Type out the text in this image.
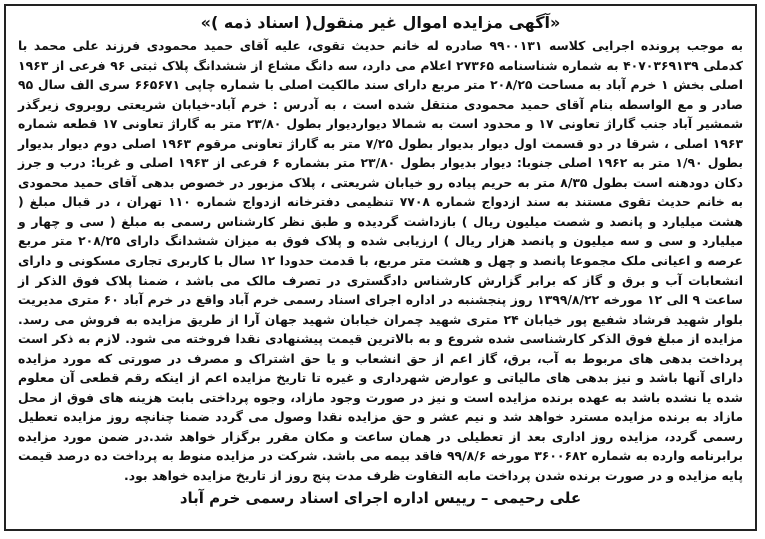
«آگهی مزایده اموال غیر منقول( اسناد ذمه )»

به موجب پرونده اجرایی کلاسه ۹۹۰۰۱۳۱ صادره له خانم حدیث تقوی، علیه آقای حمید محمودی فرزند علی محمد با کدملی ۴۰۷۰۳۶۹۱۳۹ به شماره شناسنامه ۲۷۳۶۵ اعلام می دارد، سه دانگ مشاع از ششدانگ پلاک ثبتی ۹۶ فرعی از ۱۹۶۳ اصلی بخش ۱ خرم آباد به مساحت ۲۰۸/۲۵ متر مربع دارای سند مالکیت اصلی با شماره چاپی ۶۶۵۶۷۱ سری الف سال ۹۵ صادر و مع الواسطه بنام آقای حمید محمودی منتقل شده است ، به آدرس : خرم آباد-خیابان شریعتی روبروی زیرگذر شمشیر آباد جنب گاراژ تعاونی ۱۷ و محدود است به شمالا دیواردیوار بطول ۲۳/۸۰ متر به گاراژ تعاونی ۱۷ قطعه شماره ۱۹۶۳ اصلی ، شرقا در دو قسمت اول دیوار بدیوار بطول ۷/۲۵ متر به گاراژ تعاونی مرقوم ۱۹۶۳ اصلی دوم دیوار بدیوار بطول ۱/۹۰ متر به ۱۹۶۲ اصلی جنوبا: دیوار بدیوار بطول ۲۳/۸۰ متر بشماره ۶ فرعی از ۱۹۶۳ اصلی و غربا: درب و جرز دکان دودهنه است بطول ۸/۳۵ متر به حریم پیاده رو خیابان شریعتی ، پلاک مزبور در خصوص بدهی آقای حمید محمودی به خانم حدیث تقوی مستند به سند ازدواج شماره ۷۷۰۸ تنظیمی دفترخانه ازدواج شماره ۱۱۰ تهران ، در قبال مبلغ ( هشت میلیارد و پانصد و شصت میلیون ریال ) بازداشت گردیده و طبق نظر کارشناس رسمی به مبلغ ( سی و چهار و میلیارد و سی و سه میلیون و پانصد هزار ریال ) ارزیابی شده و پلاک فوق به میزان ششدانگ دارای ۲۰۸/۲۵ متر مربع عرصه و اعیانی ملک مجموعا پانصد و چهل و هشت متر مربع، با قدمت حدودا ۱۲ سال با کاربری تجاری مسکونی و دارای انشعابات آب و برق و گاز که برابر گزارش کارشناس دادگستری در تصرف مالک می باشد ، ضمنا پلاک فوق الذکر از ساعت ۹ الی ۱۲ مورخه ۱۳۹۹/۸/۲۲ روز پنجشنبه در اداره اجرای اسناد رسمی خرم آباد واقع در خرم آباد ۶۰ متری مدیریت بلوار شهید فرشاد شفیع پور خیابان ۲۴ متری شهید چمران خیابان شهید جهان آرا از طریق مزایده به فروش می رسد. مزایده از مبلغ فوق الذکر کارشناسی شده شروع و به بالاترین قیمت پیشنهادی نقدا فروخته می شود. لازم به ذکر است پرداخت بدهی های مربوط به آب، برق، گاز اعم از حق انشعاب و یا حق اشتراک و مصرف در صورتی که مورد مزایده دارای آنها باشد و نیز بدهی های مالیاتی و عوارض شهرداری و غیره تا تاریخ مزایده اعم از اینکه رقم قطعی آن معلوم شده یا نشده باشد به عهده برنده مزایده است و نیز در صورت وجود مازاد، وجوه پرداختی بابت هزینه های فوق از محل مازاد به برنده مزایده مسترد خواهد شد و نیم عشر و حق مزایده نقدا وصول می گردد ضمنا چنانچه روز مزایده تعطیل رسمی گردد، مزایده روز اداری بعد از تعطیلی در همان ساعت و مکان مقرر برگزار خواهد شد.در ضمن مورد مزایده برابرنامه وارده به شماره ۳۶۰۰۶۸۲ مورخه ۹۹/۸/۶ فاقد بیمه می باشد. شرکت در مزایده منوط به پرداخت ده درصد قیمت پایه مزایده و در صورت برنده شدن پرداخت مابه التفاوت ظرف مدت پنج روز از تاریخ مزایده خواهد بود.

علی رحیمی – رییس اداره اجرای اسناد رسمی خرم آباد
